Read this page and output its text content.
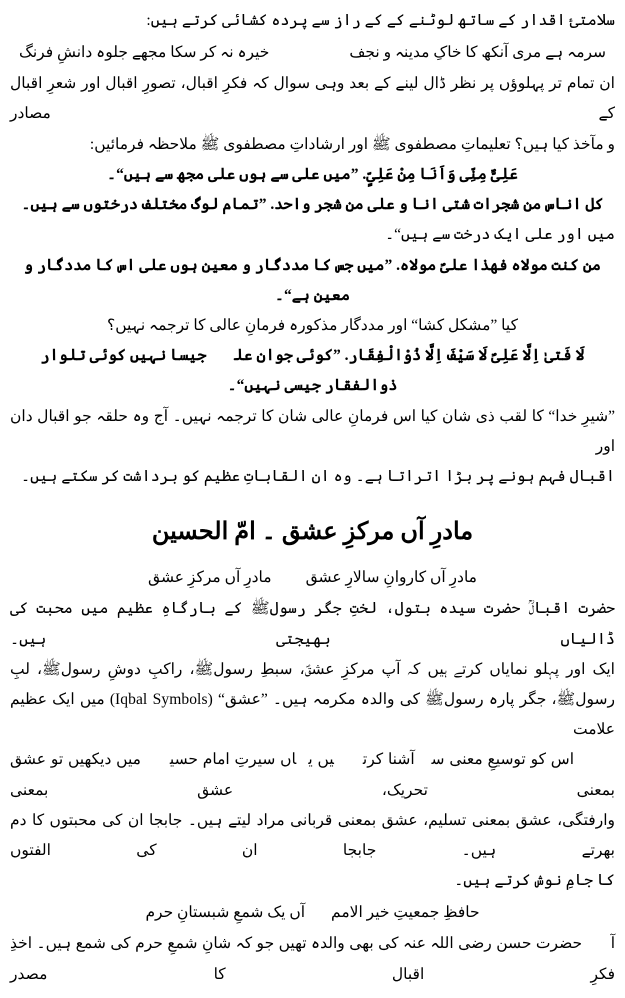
سلامتیٔ اقدار کے ساتھ لوٹنے کے کے راز سے پردہ کشائی کرتے ہیں:
خیرہ نہ کر سکا مجھے جلوہ دانشِ فرنگ	سرمہ ہے مری آنکھ کا خاکِ مدینہ و نجف
ان تمام تر پہلوؤں پر نظر ڈال لینے کے بعد وہی سوال کہ فکرِ اقبال، تصورِ اقبال اور شعرِ اقبال کے مصادر
و مآخذ کیا ہیں؟ تعلیماتِ مصطفوی ﷺ اور ارشاداتِ مصطفوی ﷺ ملاحظہ فرمائیں:
عَلِیٌّ مِنِّی وَاَنَا مِنْ عَلِیٍّ. ”میں علی سے ہوں علی مجھ سے ہیں“۔
کل اناس من شجرات شتی انا و علی من شجر واحد. ”تمام لوگ مختلف درختوں سے ہیں۔
میں اور علی ایک درخت سے ہیں“۔
من کنت مولاہ فھذا علیٌ مولاہ. ”میں جس کا مددگار و معین ہوں علی اس کا مددگار و معین ہے“۔
کیا ”مشکل کشا“ اور مددگار مذکورہ فرمانِ عالی کا ترجمہ نہیں؟
لَا فَتیٰ اِلَّا عَلِیٌ لَا سَیْفَ اِلَّا ذُوْالْفِقَار. ”کوئی جوان علیؓ جیسا نہیں کوئی تلوار ذوالفقار جیسی نہیں“۔
”شیرِ خدا“ کا لقب ذی شان کیا اس فرمانِ عالی شان کا ترجمہ نہیں۔ آج وہ حلقہ جو اقبال دان اور
اقبال فہم ہونے پر بڑا اتراتا ہے۔ وہ ان القاباتِ عظیم کو برداشت کر سکتے ہیں۔
مادرِ آں مرکزِ عشق ۔ امّ الحسین
مادرِ آں مرکزِ عشق مادرِ آں کاروانِ سالارِ عشق
حضرت اقبالؒ حضرت سیدہ بتول، لختِ جگر رسولﷺ کے بارگاہِ عظیم میں محبت کی ڈالیاں بھیجتی ہیں۔
ایک اور پہلو نمایاں کرتے ہیں کہ آپ مرکزِ عشقؐ، سبطِ رسولﷺ، راکبِ دوشِ رسولﷺ، لبِ
رسولﷺ، جگر پارہ رسولﷺ کی والدہ مکرمہ ہیں۔ ”عشق“ (Iqbal Symbols) میں ایک عظیم علامت
ہے۔ اس کو توسیعِ معنی سے آشنا کرتے ہیں یہاں سیرتِ امام حسینؓ میں دیکھیں تو عشق بمعنی تحریک، عشق بمعنی
وارفتگی، عشق بمعنی تسلیم، عشق بمعنی قربانی مراد لیتے ہیں۔ جابجا ان کی محبتوں کا دم بھرتے ہیں۔ جابجا ان کی الفتوں
کا جامِ نوش کرتے ہیں۔
آں یک شمعِ شبستانِ حرم حافظِ جمعیتِ خیر الامم
آپؐ حضرت حسن رضی اللہ عنہ کی بھی والدہ تھیں جو کہ شانِ شمعِ حرم کی شمع ہیں۔ اخذِ فکرِ اقبال کا مصدر
